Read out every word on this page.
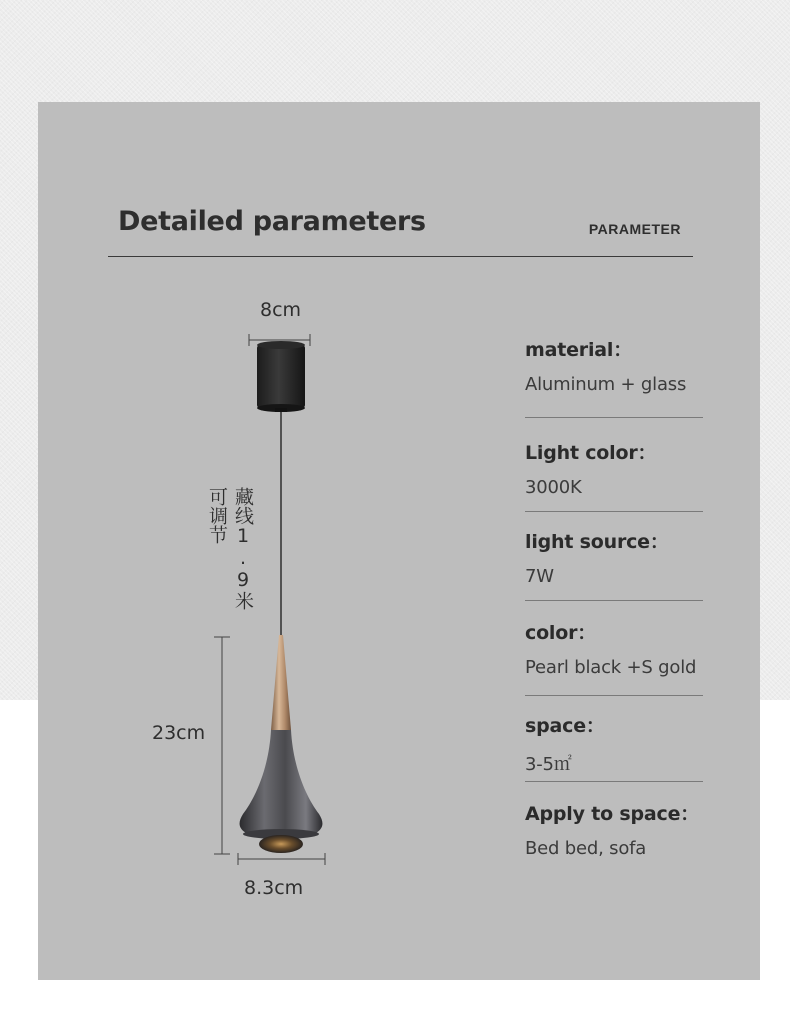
Detailed parameters	PARAMETER
8cm
藏线1.9米
可调节
23cm
8.3cm
material：
Aluminum + glass
Light color：
3000K
light source：
7W
color：
Pearl black +S gold
space：
3-5㎡
Apply to space：
Bed bed, sofa
